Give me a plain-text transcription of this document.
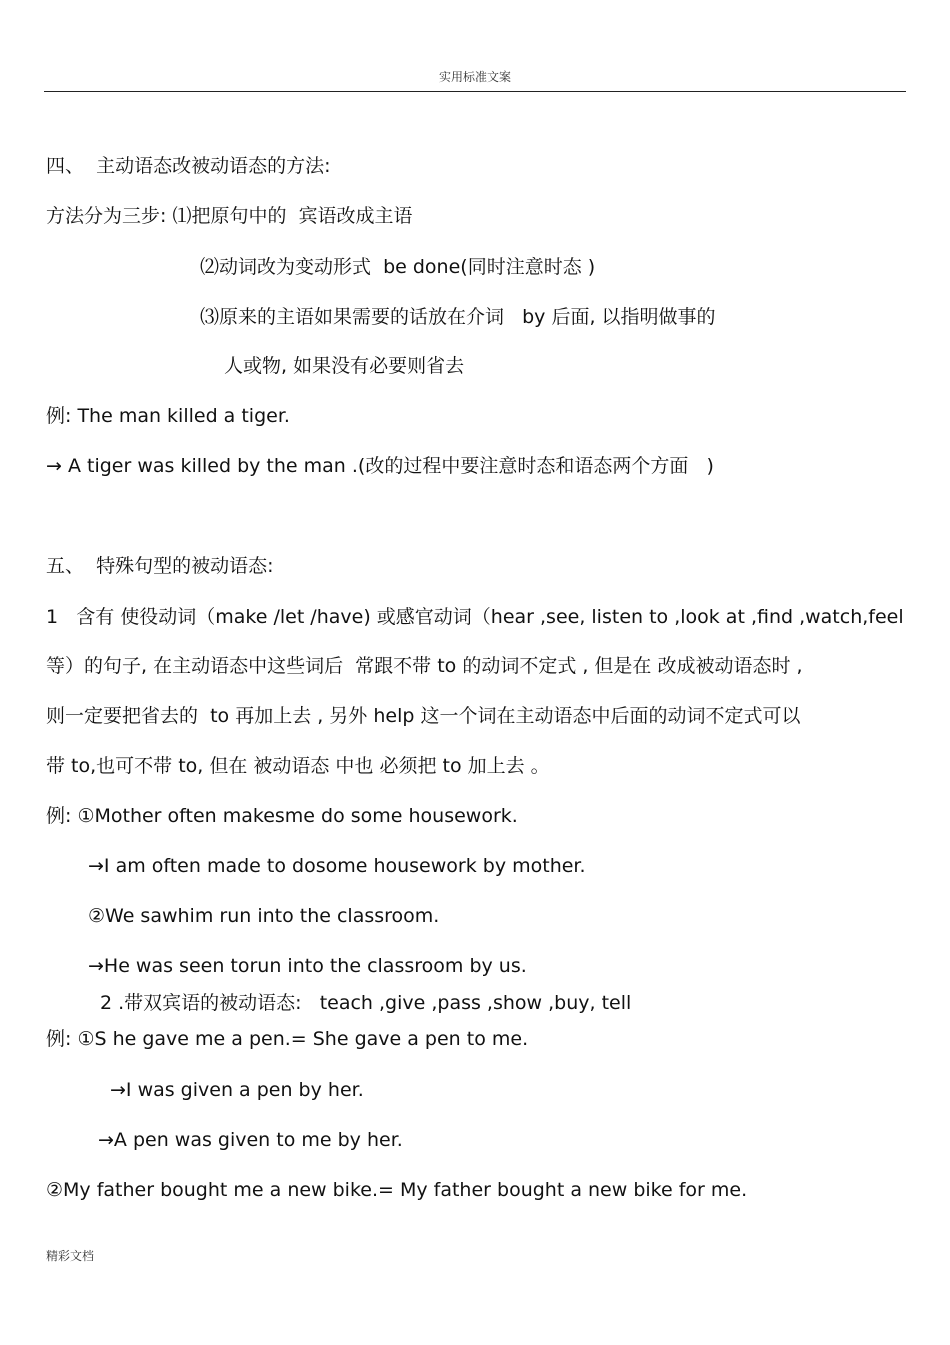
实用标准文案
四、  主动语态改被动语态的方法:
方法分为三步: ⑴把原句中的  宾语改成主语
⑵动词改为变动形式  be done(同时注意时态 )
⑶原来的主语如果需要的话放在介词   by 后面, 以指明做事的
人或物, 如果没有必要则省去
例: The man killed a tiger.
→ A tiger was killed by the man .(改的过程中要注意时态和语态两个方面   )
五、  特殊句型的被动语态:
1   含有 使役动词（make /let /have) 或感官动词（hear ,see, listen to ,look at ,find ,watch,feel
等）的句子, 在主动语态中这些词后  常跟不带 to 的动词不定式 , 但是在 改成被动语态时 ,
则一定要把省去的  to 再加上去 , 另外 help 这一个词在主动语态中后面的动词不定式可以
带 to,也可不带 to, 但在 被动语态 中也 必须把 to 加上去 。
例: ①Mother often makesme do some housework.
→I am often made to dosome housework by mother.
②We sawhim run into the classroom.
→He was seen torun into the classroom by us.
2 .带双宾语的被动语态:   teach ,give ,pass ,show ,buy, tell
例: ①S he gave me a pen.= She gave a pen to me.
→I was given a pen by her.
→A pen was given to me by her.
②My father bought me a new bike.= My father bought a new bike for me.
精彩文档
